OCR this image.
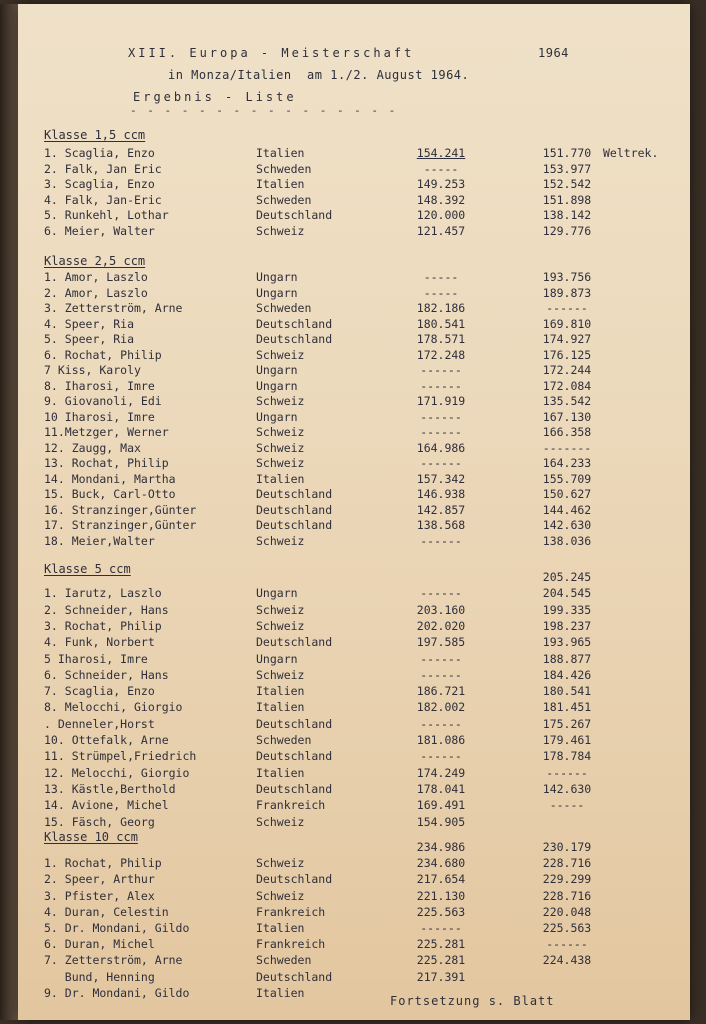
XIII. Europa - Meisterschaft	1964
in Monza/Italien  am 1./2. August 1964.
Ergebnis - Liste
- - - - - - - - - - - - - - - -
Klasse 1,5 ccm
1. Scaglia, Enzo	Italien	154.241	151.770	Weltrek.
2. Falk, Jan Eric	Schweden	-----	153.977
3. Scaglia, Enzo	Italien	149.253	152.542
4. Falk, Jan-Eric	Schweden	148.392	151.898
5. Runkehl, Lothar	Deutschland	120.000	138.142
6. Meier, Walter	Schweiz	121.457	129.776
Klasse 2,5 ccm
1. Amor, Laszlo	Ungarn	-----	193.756
2. Amor, Laszlo	Ungarn	-----	189.873
3. Zetterström, Arne	Schweden	182.186	------
4. Speer, Ria	Deutschland	180.541	169.810
5. Speer, Ria	Deutschland	178.571	174.927
6. Rochat, Philip	Schweiz	172.248	176.125
7 Kiss, Karoly	Ungarn	------	172.244
8. Iharosi, Imre	Ungarn	------	172.084
9. Giovanoli, Edi	Schweiz	171.919	135.542
10 Iharosi, Imre	Ungarn	------	167.130
11.Metzger, Werner	Schweiz	------	166.358
12. Zaugg, Max	Schweiz	164.986	-------
13. Rochat, Philip	Schweiz	------	164.233
14. Mondani, Martha	Italien	157.342	155.709
15. Buck, Carl-Otto	Deutschland	146.938	150.627
16. Stranzinger,Günter	Deutschland	142.857	144.462
17. Stranzinger,Günter	Deutschland	138.568	142.630
18. Meier,Walter	Schweiz	------	138.036
Klasse 5 ccm
205.245
1. Iarutz, Laszlo	Ungarn	------	204.545
2. Schneider, Hans	Schweiz	203.160	199.335
3. Rochat, Philip	Schweiz	202.020	198.237
4. Funk, Norbert	Deutschland	197.585	193.965
5 Iharosi, Imre	Ungarn	------	188.877
6. Schneider, Hans	Schweiz	------	184.426
7. Scaglia, Enzo	Italien	186.721	180.541
8. Melocchi, Giorgio	Italien	182.002	181.451
. Denneler,Horst	Deutschland	------	175.267
10. Ottefalk, Arne	Schweden	181.086	179.461
11. Strümpel,Friedrich	Deutschland	------	178.784
12. Melocchi, Giorgio	Italien	174.249	------
13. Kästle,Berthold	Deutschland	178.041	142.630
14. Avione, Michel	Frankreich	169.491	-----
15. Fäsch, Georg	Schweiz	154.905
Klasse 10 ccm
234.986	230.179
1. Rochat, Philip	Schweiz	234.680	228.716
2. Speer, Arthur	Deutschland	217.654	229.299
3. Pfister, Alex	Schweiz	221.130	228.716
4. Duran, Celestin	Frankreich	225.563	220.048
5. Dr. Mondani, Gildo	Italien	------	225.563
6. Duran, Michel	Frankreich	225.281	------
7. Zetterström, Arne	Schweden	225.281	224.438
Bund, Henning	Deutschland	217.391
9. Dr. Mondani, Gildo	Italien
Fortsetzung s. Blatt
